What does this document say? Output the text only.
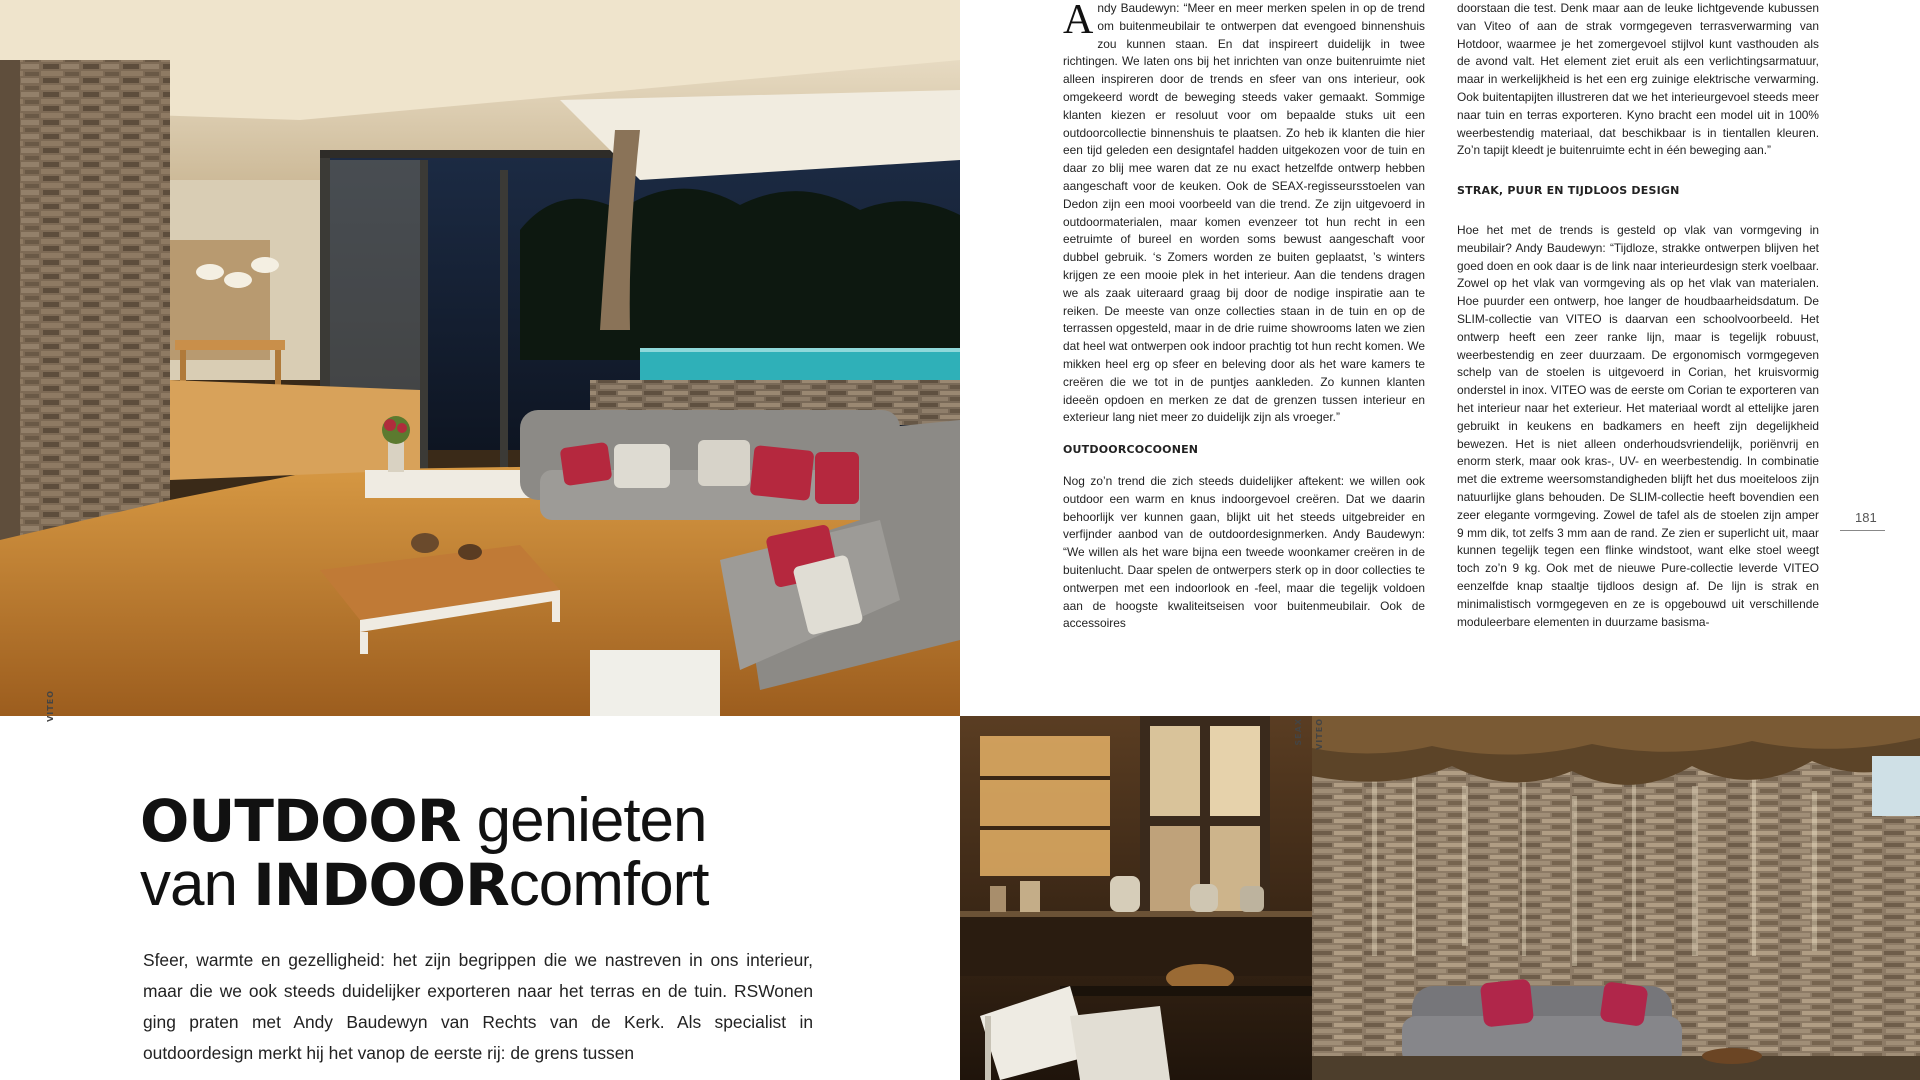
VITEO
OUTDOOR genieten
van INDOORcomfort
Sfeer, warmte en gezelligheid: het zijn begrippen die we nastreven in ons interieur, maar die we ook steeds duidelijker exporteren naar het terras en de tuin. RSWonen ging praten met Andy Baudewyn van Rechts van de Kerk. Als specialist in outdoordesign merkt hij het vanop de eerste rij: de grens tussen
A ndy Baudewyn: “Meer en meer merken spelen in op de trend om buitenmeubilair te ontwerpen dat evengoed binnenshuis zou kunnen staan. En dat inspireert duidelijk in twee richtingen. We laten ons bij het inrichten van onze buitenruimte niet alleen inspireren door de trends en sfeer van ons interieur, ook omgekeerd wordt de beweging steeds vaker gemaakt. Sommige klanten kiezen er resoluut voor om bepaalde stuks uit een outdoorcollectie binnenshuis te plaatsen. Zo heb ik klanten die hier een tijd geleden een designtafel hadden uitgekozen voor de tuin en daar zo blij mee waren dat ze nu exact hetzelfde ontwerp hebben aangeschaft voor de keuken. Ook de SEAX-regisseursstoelen van Dedon zijn een mooi voorbeeld van die trend. Ze zijn uitgevoerd in outdoormaterialen, maar komen evenzeer tot hun recht in een eetruimte of bureel en worden soms bewust aangeschaft voor dubbel gebruik. ‘s Zomers worden ze buiten geplaatst, ’s winters krijgen ze een mooie plek in het interieur. Aan die tendens dragen we als zaak uiteraard graag bij door de nodige inspiratie aan te reiken. De meeste van onze collecties staan in de tuin en op de terrassen opgesteld, maar in de drie ruime showrooms laten we zien dat heel wat ontwerpen ook indoor prachtig tot hun recht komen. We mikken heel erg op sfeer en beleving door als het ware kamers te creëren die we tot in de puntjes aankleden. Zo kunnen klanten ideeën opdoen en merken ze dat de grenzen tussen interieur en exterieur lang niet meer zo duidelijk zijn als vroeger.”

OUTDOORCOCOONEN

Nog zo’n trend die zich steeds duidelijker aftekent: we willen ook outdoor een warm en knus indoorgevoel creëren. Dat we daarin behoorlijk ver kunnen gaan, blijkt uit het steeds uitgebreider en verfijnder aanbod van de outdoordesignmerken. Andy Baudewyn: “We willen als het ware bijna een tweede woonkamer creëren in de buitenlucht. Daar spelen de ontwerpers sterk op in door collecties te ontwerpen met een indoorlook en -feel, maar die tegelijk voldoen aan de hoogste kwaliteitseisen voor buitenmeubilair. Ook de accessoires

doorstaan die test. Denk maar aan de leuke lichtgevende kubussen van Viteo of aan de strak vormgegeven terrasverwarming van Hotdoor, waarmee je het zomergevoel stijlvol kunt vasthouden als de avond valt. Het element ziet eruit als een verlichtingsarmatuur, maar in werkelijkheid is het een erg zuinige elektrische verwarming. Ook buitentapijten illustreren dat we het interieurgevoel steeds meer naar tuin en terras exporteren. Kyno bracht een model uit in 100% weerbestendig materiaal, dat beschikbaar is in tientallen kleuren. Zo’n tapijt kleedt je buitenruimte echt in één beweging aan.”

STRAK, PUUR EN TIJDLOOS DESIGN

Hoe het met de trends is gesteld op vlak van vormgeving in meubilair? Andy Baudewyn: “Tijdloze, strakke ontwerpen blijven het goed doen en ook daar is de link naar interieurdesign sterk voelbaar. Zowel op het vlak van vormgeving als op het vlak van materialen. Hoe puurder een ontwerp, hoe langer de houdbaarheidsdatum. De SLIM-collectie van VITEO is daarvan een schoolvoorbeeld. Het ontwerp heeft een zeer ranke lijn, maar is tegelijk robuust, weerbestendig en zeer duurzaam. De ergonomisch vormgegeven schelp van de stoelen is uitgevoerd in Corian, het kruisvormig onderstel in inox. VITEO was de eerste om Corian te exporteren van het interieur naar het exterieur. Het materiaal wordt al ettelijke jaren gebruikt in keukens en badkamers en heeft zijn degelijkheid bewezen. Het is niet alleen onderhoudsvriendelijk, poriënvrij en enorm sterk, maar ook kras-, UV- en weerbestendig. In combinatie met die extreme weersomstandigheden blijft het dus moeiteloos zijn natuurlijke glans behouden. De SLIM-collectie heeft bovendien een zeer elegante vormgeving. Zowel de tafel als de stoelen zijn amper 9 mm dik, tot zelfs 3 mm aan de rand. Ze zien er superlicht uit, maar kunnen tegelijk tegen een flinke windstoot, want elke stoel weegt toch zo’n 9 kg. Ook met de nieuwe Pure-collectie leverde VITEO eenzelfde knap staaltje tijdloos design af. De lijn is strak en minimalistisch vormgegeven en ze is opgebouwd uit verschillende moduleerbare elementen in duurzame basisma-

181
SEAX VITEO
